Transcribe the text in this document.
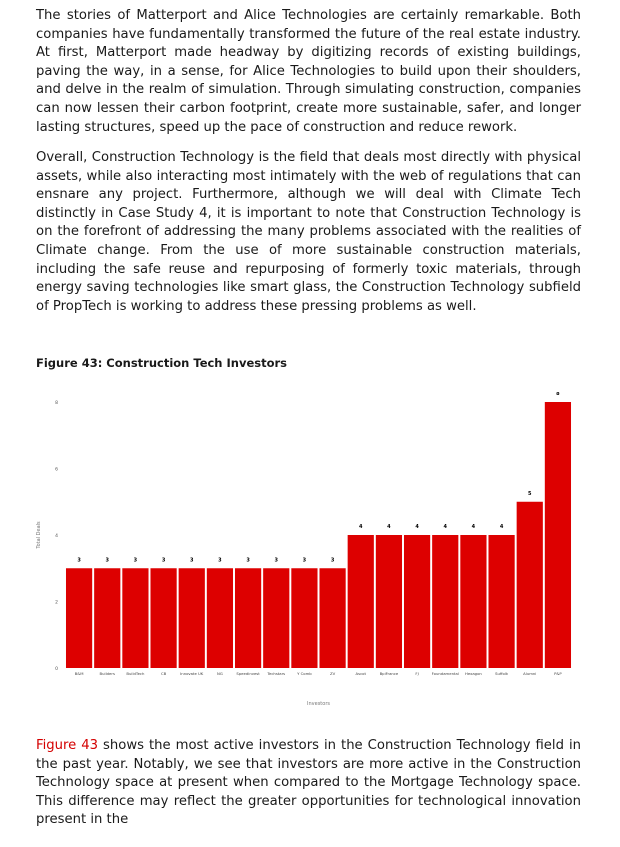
The stories of Matterport and Alice Technologies are certainly remarkable. Both companies have fundamentally transformed the future of the real estate industry. At first, Matterport made headway by digitizing records of existing buildings, paving the way, in a sense, for Alice Technologies to build upon their shoulders, and delve in the realm of simulation. Through simulating construction, companies can now lessen their carbon footprint, create more sustainable, safer, and longer lasting structures, speed up the pace of construction and reduce rework.

Overall, Construction Technology is the field that deals most directly with physical assets, while also interacting most intimately with the web of regulations that can ensnare any project. Furthermore, although we will deal with Climate Tech distinctly in Case Study 4, it is important to note that Construction Technology is on the forefront of addressing the many problems associated with the realities of Climate change. From the use of more sustainable construction materials, including the safe reuse and repurposing of formerly toxic materials, through energy saving technologies like smart glass, the Construction Technology subfield of PropTech is working to address these pressing problems as well.

Figure 43: Construction Tech Investors

0
2
4
6
8
Total Deals
3
B&M
3
Builders
3
BuildTech
3
CB
3
Innovate UK
3
NG
3
Speedinvest
3
Techstars
3
Y Comb
3
ZV
4
Ascot
4
BpiFrance
4
FJ
4
Foundamental
4
Hexagon
4
Suffolk
5
Alumni
8
P&P
Investors

Figure 43 shows the most active investors in the Construction Technology field in the past year. Notably, we see that investors are more active in the Construction Technology space at present when compared to the Mortgage Technology space. This difference may reflect the greater opportunities for technological innovation present in the
